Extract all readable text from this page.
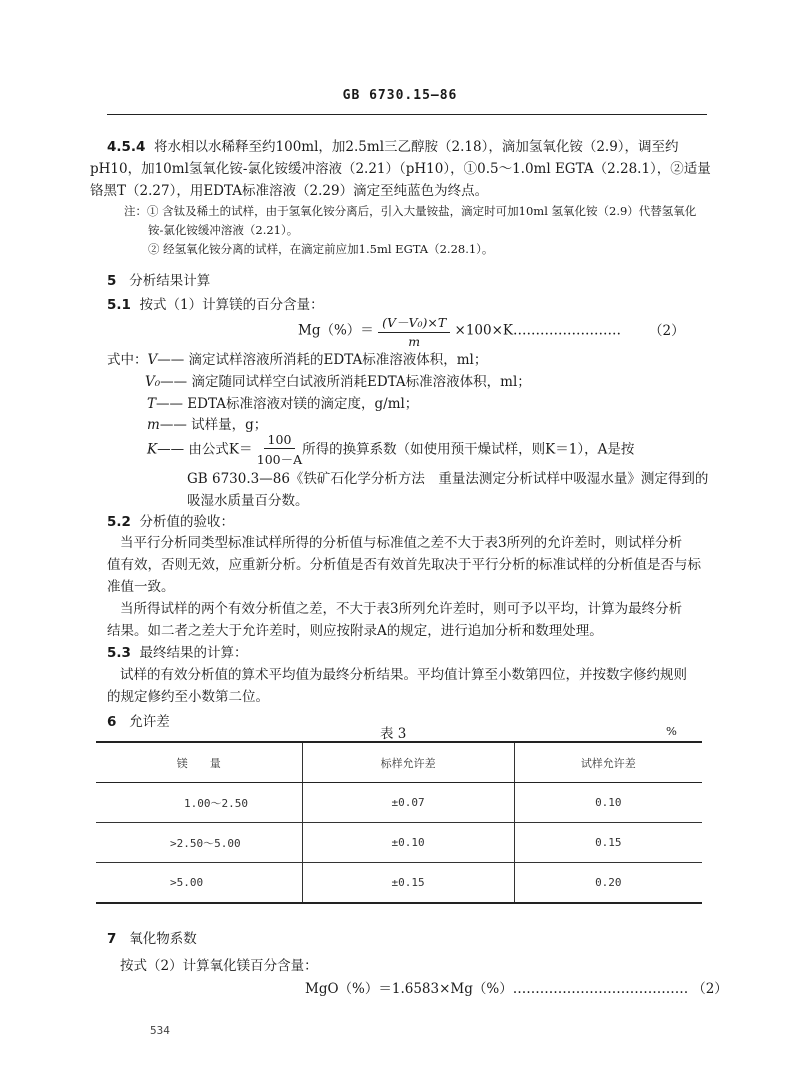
GB 6730.15—86
4.5.4 将水相以水稀释至约100ml，加2.5ml三乙醇胺（2.18），滴加氢氧化铵（2.9），调至约
pH10，加10ml氢氧化铵-氯化铵缓冲溶液（2.21）（pH10），①0.5～1.0ml EGTA（2.28.1），②适量
铬黑T（2.27），用EDTA标准溶液（2.29）滴定至纯蓝色为终点。
注：① 含钛及稀土的试样，由于氢氧化铵分离后，引入大量铵盐，滴定时可加10ml 氢氧化铵（2.9）代替氢氧化
铵-氯化铵缓冲溶液（2.21）。
② 经氢氧化铵分离的试样，在滴定前应加1.5ml EGTA（2.28.1）。
5 分析结果计算
5.1 按式（1）计算镁的百分含量：
$Mg(\%)= \frac{\text{(V－V₀)×T}}{m}$ ×100×K…………………… （2）
式中：V—— 滴定试样溶液所消耗的EDTA标准溶液体积，ml；
V₀—— 滴定随同试样空白试液所消耗EDTA标准溶液体积，ml；
T—— EDTA标准溶液对镁的滴定度，g/ml；
m—— 试样量，g；
K—— 由公式$K= \frac{100}{100-A}$ 所得的换算系数（如使用预干燥试样，则K＝1），A是按
GB 6730.3—86《铁矿石化学分析方法　重量法测定分析试样中吸湿水量》测定得到的
吸湿水质量百分数。
5.2 分析值的验收：
当平行分析同类型标准试样所得的分析值与标准值之差不大于表3所列的允许差时，则试样分析
值有效，否则无效，应重新分析。分析值是否有效首先取决于平行分析的标准试样的分析值是否与标
准值一致。
当所得试样的两个有效分析值之差，不大于表3所列允许差时，则可予以平均，计算为最终分析
结果。如二者之差大于允许差时，则应按附录A的规定，进行追加分析和数理处理。
5.3 最终结果的计算：
试样的有效分析值的算术平均值为最终分析结果。平均值计算至小数第四位，并按数字修约规则
的规定修约至小数第二位。
6 允许差
表 3	%
镁　　量	标样允许差	试样允许差
1.00～2.50	±0.07	0.10
>2.50～5.00	±0.10	0.15
>5.00	±0.15	0.20
7 氧化物系数
按式（2）计算氧化镁百分含量：
MgO（%）＝1.6583×Mg（%）………………………………… （2）
534
